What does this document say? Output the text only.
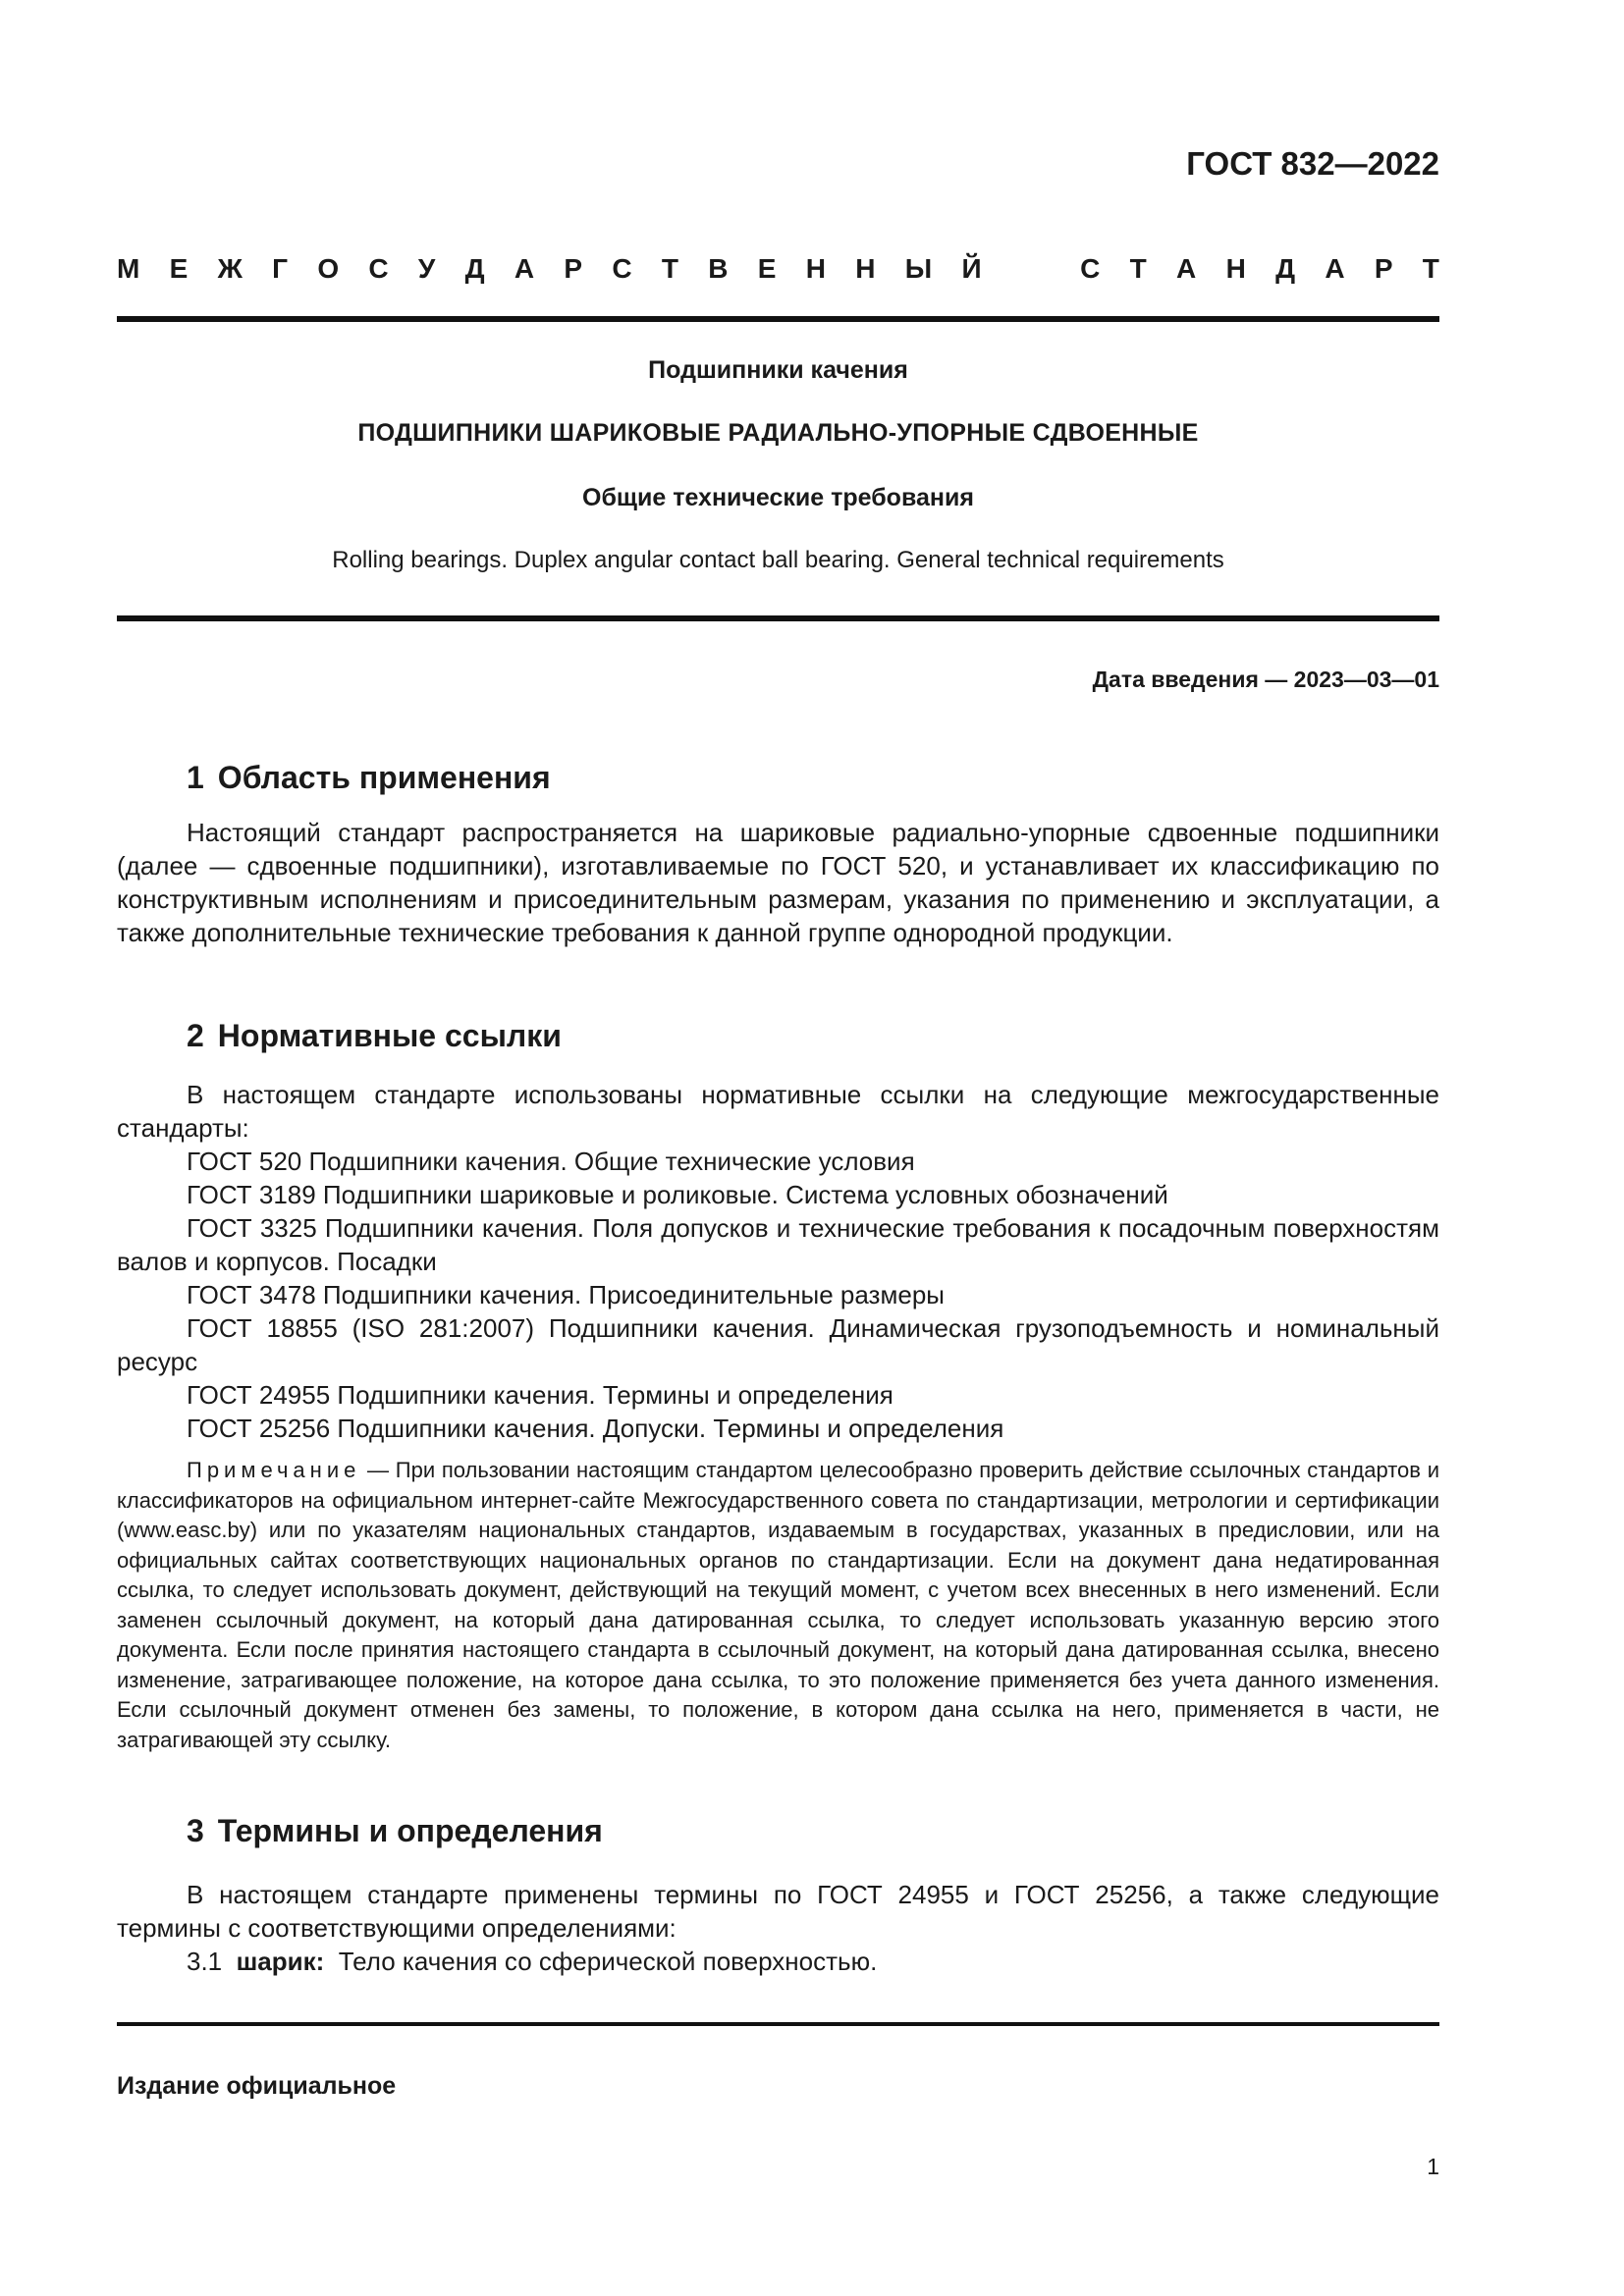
ГОСТ 832—2022
М Е Ж Г О С У Д А Р С Т В Е Н Н Ы Й	С Т А Н Д А Р Т
Подшипники качения
ПОДШИПНИКИ ШАРИКОВЫЕ РАДИАЛЬНО-УПОРНЫЕ СДВОЕННЫЕ
Общие технические требования
Rolling bearings. Duplex angular contact ball bearing. General technical requirements
Дата введения — 2023—03—01
1 Область применения
Настоящий стандарт распространяется на шариковые радиально-упорные сдвоенные подшипники (далее — сдвоенные подшипники), изготавливаемые по ГОСТ 520, и устанавливает их классификацию по конструктивным исполнениям и присоединительным размерам, указания по применению и эксплуатации, а также дополнительные технические требования к данной группе однородной продукции.
2 Нормативные ссылки
В настоящем стандарте использованы нормативные ссылки на следующие межгосударственные стандарты:
ГОСТ 520 Подшипники качения. Общие технические условия
ГОСТ 3189 Подшипники шариковые и роликовые. Система условных обозначений
ГОСТ 3325 Подшипники качения. Поля допусков и технические требования к посадочным поверхностям валов и корпусов. Посадки
ГОСТ 3478 Подшипники качения. Присоединительные размеры
ГОСТ 18855 (ISO 281:2007) Подшипники качения. Динамическая грузоподъемность и номинальный ресурс
ГОСТ 24955 Подшипники качения. Термины и определения
ГОСТ 25256 Подшипники качения. Допуски. Термины и определения
Примечание — При пользовании настоящим стандартом целесообразно проверить действие ссылочных стандартов и классификаторов на официальном интернет-сайте Межгосударственного совета по стандартизации, метрологии и сертификации (www.easc.by) или по указателям национальных стандартов, издаваемым в государствах, указанных в предисловии, или на официальных сайтах соответствующих национальных органов по стандартизации. Если на документ дана недатированная ссылка, то следует использовать документ, действующий на текущий момент, с учетом всех внесенных в него изменений. Если заменен ссылочный документ, на который дана датированная ссылка, то следует использовать указанную версию этого документа. Если после принятия настоящего стандарта в ссылочный документ, на который дана датированная ссылка, внесено изменение, затрагивающее положение, на которое дана ссылка, то это положение применяется без учета данного изменения. Если ссылочный документ отменен без замены, то положение, в котором дана ссылка на него, применяется в части, не затрагивающей эту ссылку.
3 Термины и определения
В настоящем стандарте применены термины по ГОСТ 24955 и ГОСТ 25256, а также следующие термины с соответствующими определениями:
3.1 шарик: Тело качения со сферической поверхностью.
Издание официальное
1
